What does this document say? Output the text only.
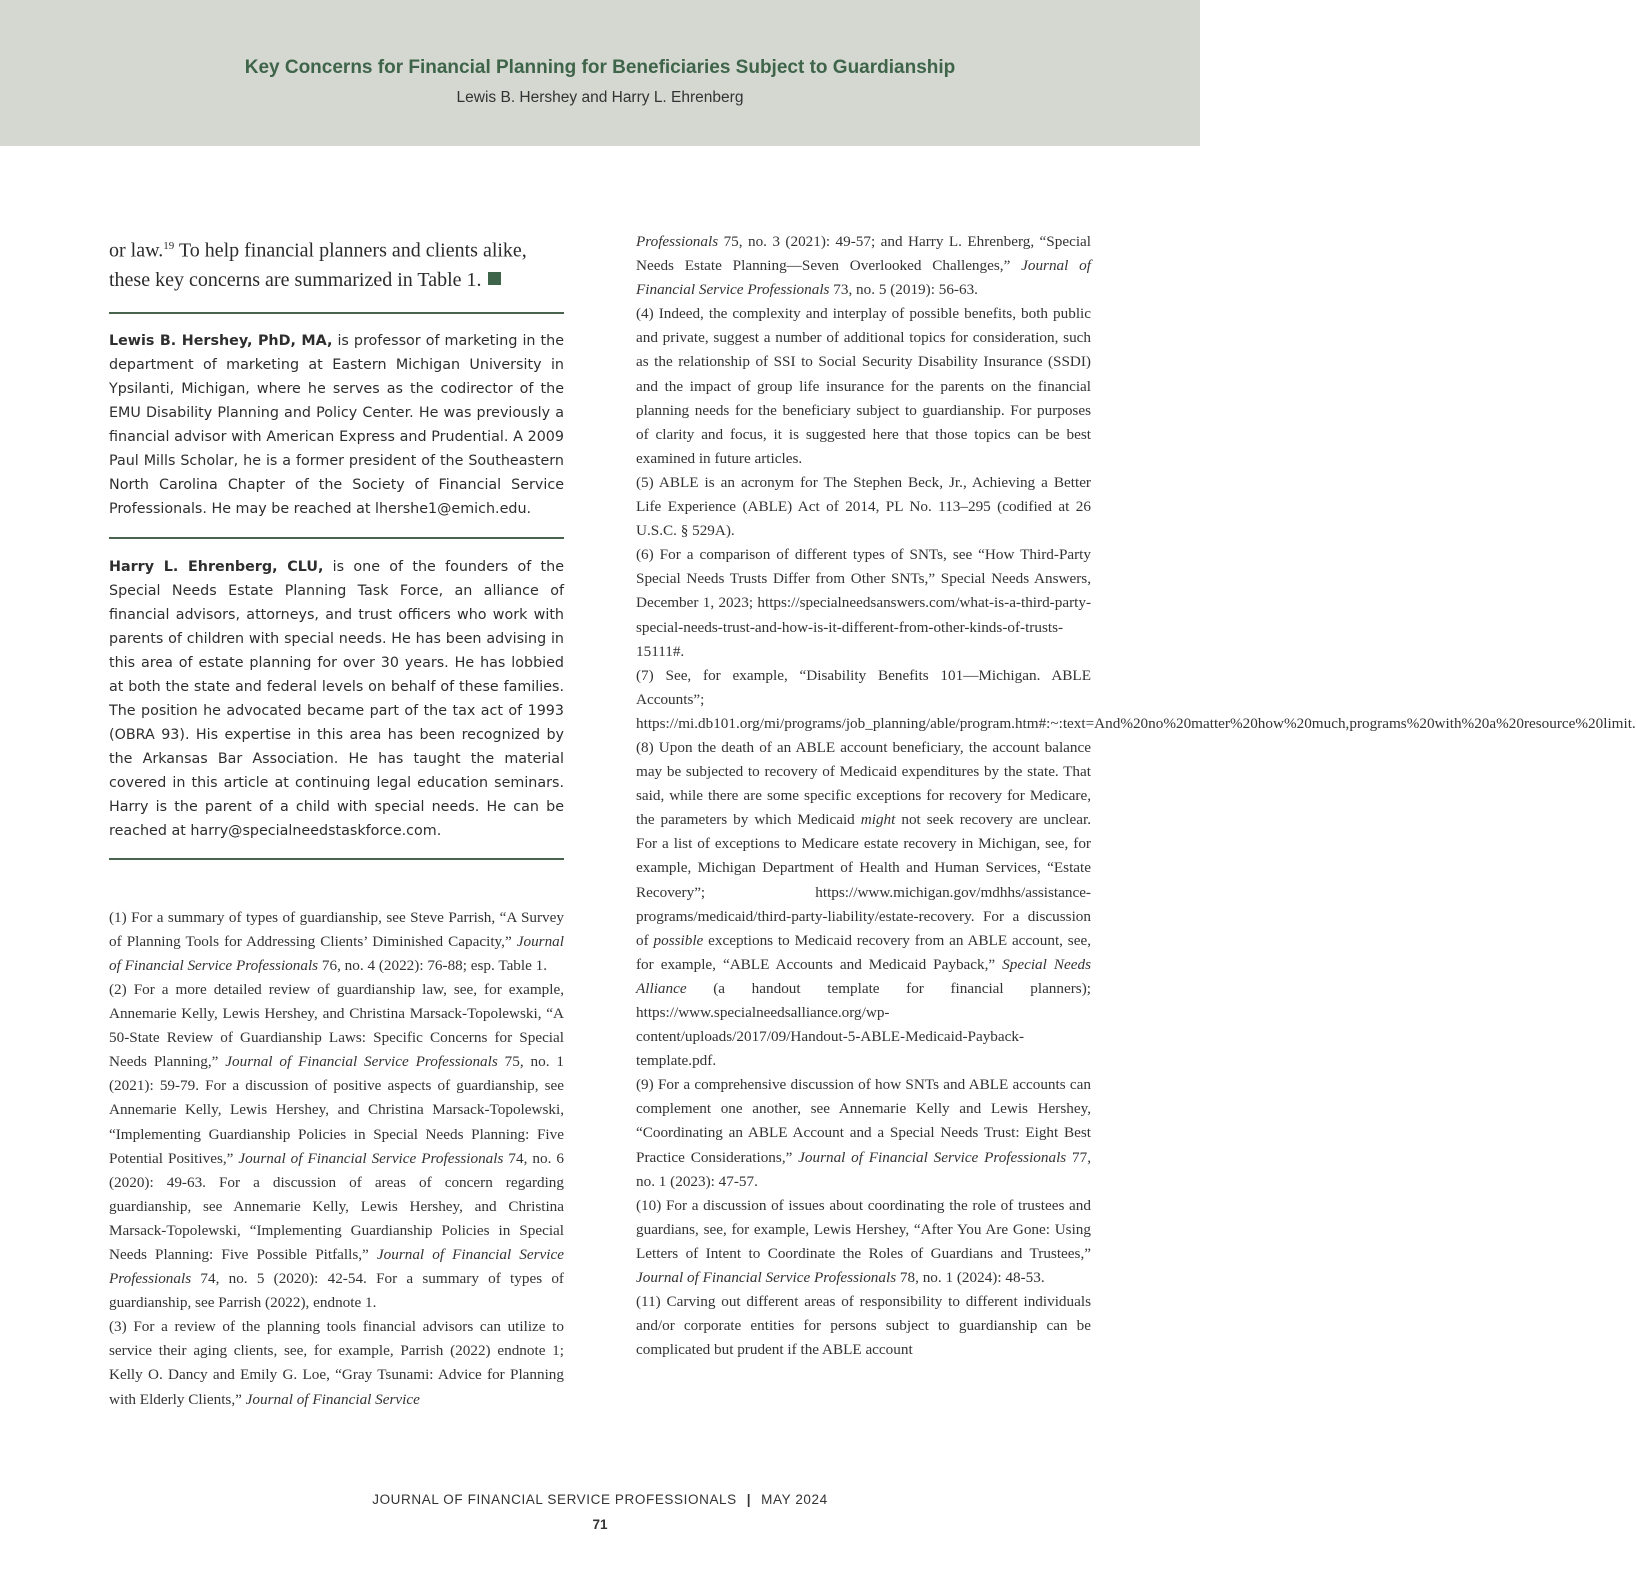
Key Concerns for Financial Planning for Beneficiaries Subject to Guardianship
Lewis B. Hershey and Harry L. Ehrenberg

or law.$^{19}$ To help financial planners and clients alike, these key concerns are summarized in Table 1.

Lewis B. Hershey, PhD, MA, is professor of marketing in the department of marketing at Eastern Michigan University in Ypsilanti, Michigan, where he serves as the codirector of the EMU Disability Planning and Policy Center. He was previously a financial advisor with American Express and Prudential. A 2009 Paul Mills Scholar, he is a former president of the Southeastern North Carolina Chapter of the Society of Financial Service Professionals. He may be reached at lhershe1@emich.edu.

Harry L. Ehrenberg, CLU, is one of the founders of the Special Needs Estate Planning Task Force, an alliance of financial advisors, attorneys, and trust officers who work with parents of children with special needs. He has been advising in this area of estate planning for over 30 years. He has lobbied at both the state and federal levels on behalf of these families. The position he advocated became part of the tax act of 1993 (OBRA 93). His expertise in this area has been recognized by the Arkansas Bar Association. He has taught the material covered in this article at continuing legal education seminars. Harry is the parent of a child with special needs. He can be reached at harry@specialneedstaskforce.com.

(1) For a summary of types of guardianship, see Steve Parrish, “A Survey of Planning Tools for Addressing Clients’ Diminished Capacity,” Journal of Financial Service Professionals 76, no. 4 (2022): 76-88; esp. Table 1.
(2) For a more detailed review of guardianship law, see, for example, Annemarie Kelly, Lewis Hershey, and Christina Marsack-Topolewski, “A 50-State Review of Guardianship Laws: Specific Concerns for Special Needs Planning,” Journal of Financial Service Professionals 75, no. 1 (2021): 59-79. For a discussion of positive aspects of guardianship, see Annemarie Kelly, Lewis Hershey, and Christina Marsack-Topolewski, “Implementing Guardianship Policies in Special Needs Planning: Five Potential Positives,” Journal of Financial Service Professionals 74, no. 6 (2020): 49-63. For a discussion of areas of concern regarding guardianship, see Annemarie Kelly, Lewis Hershey, and Christina Marsack-Topolewski, “Implementing Guardianship Policies in Special Needs Planning: Five Possible Pitfalls,” Journal of Financial Service Professionals 74, no. 5 (2020): 42-54. For a summary of types of guardianship, see Parrish (2022), endnote 1.
(3) For a review of the planning tools financial advisors can utilize to service their aging clients, see, for example, Parrish (2022) endnote 1; Kelly O. Dancy and Emily G. Loe, “Gray Tsunami: Advice for Planning with Elderly Clients,” Journal of Financial Service

Professionals 75, no. 3 (2021): 49-57; and Harry L. Ehrenberg, “Special Needs Estate Planning—Seven Overlooked Challenges,” Journal of Financial Service Professionals 73, no. 5 (2019): 56-63.
(4) Indeed, the complexity and interplay of possible benefits, both public and private, suggest a number of additional topics for consideration, such as the relationship of SSI to Social Security Disability Insurance (SSDI) and the impact of group life insurance for the parents on the financial planning needs for the beneficiary subject to guardianship. For purposes of clarity and focus, it is suggested here that those topics can be best examined in future articles.
(5) ABLE is an acronym for The Stephen Beck, Jr., Achieving a Better Life Experience (ABLE) Act of 2014, PL No. 113–295 (codified at 26 U.S.C. § 529A).
(6) For a comparison of different types of SNTs, see “How Third-Party Special Needs Trusts Differ from Other SNTs,” Special Needs Answers, December 1, 2023; https://specialneedsanswers.com/what-is-a-third-party-special-needs-trust-and-how-is-it-different-from-other-kinds-of-trusts-15111#.
(7) See, for example, “Disability Benefits 101—Michigan. ABLE Accounts”; https://mi.db101.org/mi/programs/job_planning/able/program.htm#:~:text=And%20no%20matter%20how%20much,programs%20with%20a%20resource%20limit.
(8) Upon the death of an ABLE account beneficiary, the account balance may be subjected to recovery of Medicaid expenditures by the state. That said, while there are some specific exceptions for recovery for Medicare, the parameters by which Medicaid might not seek recovery are unclear. For a list of exceptions to Medicare estate recovery in Michigan, see, for example, Michigan Department of Health and Human Services, “Estate Recovery”; https://www.michigan.gov/mdhhs/assistance-programs/medicaid/third-party-liability/estate-recovery. For a discussion of possible exceptions to Medicaid recovery from an ABLE account, see, for example, “ABLE Accounts and Medicaid Payback,” Special Needs Alliance (a handout template for financial planners); https://www.specialneedsalliance.org/wp-content/uploads/2017/09/Handout-5-ABLE-Medicaid-Payback-template.pdf.
(9) For a comprehensive discussion of how SNTs and ABLE accounts can complement one another, see Annemarie Kelly and Lewis Hershey, “Coordinating an ABLE Account and a Special Needs Trust: Eight Best Practice Considerations,” Journal of Financial Service Professionals 77, no. 1 (2023): 47-57.
(10) For a discussion of issues about coordinating the role of trustees and guardians, see, for example, Lewis Hershey, “After You Are Gone: Using Letters of Intent to Coordinate the Roles of Guardians and Trustees,” Journal of Financial Service Professionals 78, no. 1 (2024): 48-53.
(11) Carving out different areas of responsibility to different individuals and/or corporate entities for persons subject to guardianship can be complicated but prudent if the ABLE account

JOURNAL OF FINANCIAL SERVICE PROFESSIONALS | MAY 2024
71
